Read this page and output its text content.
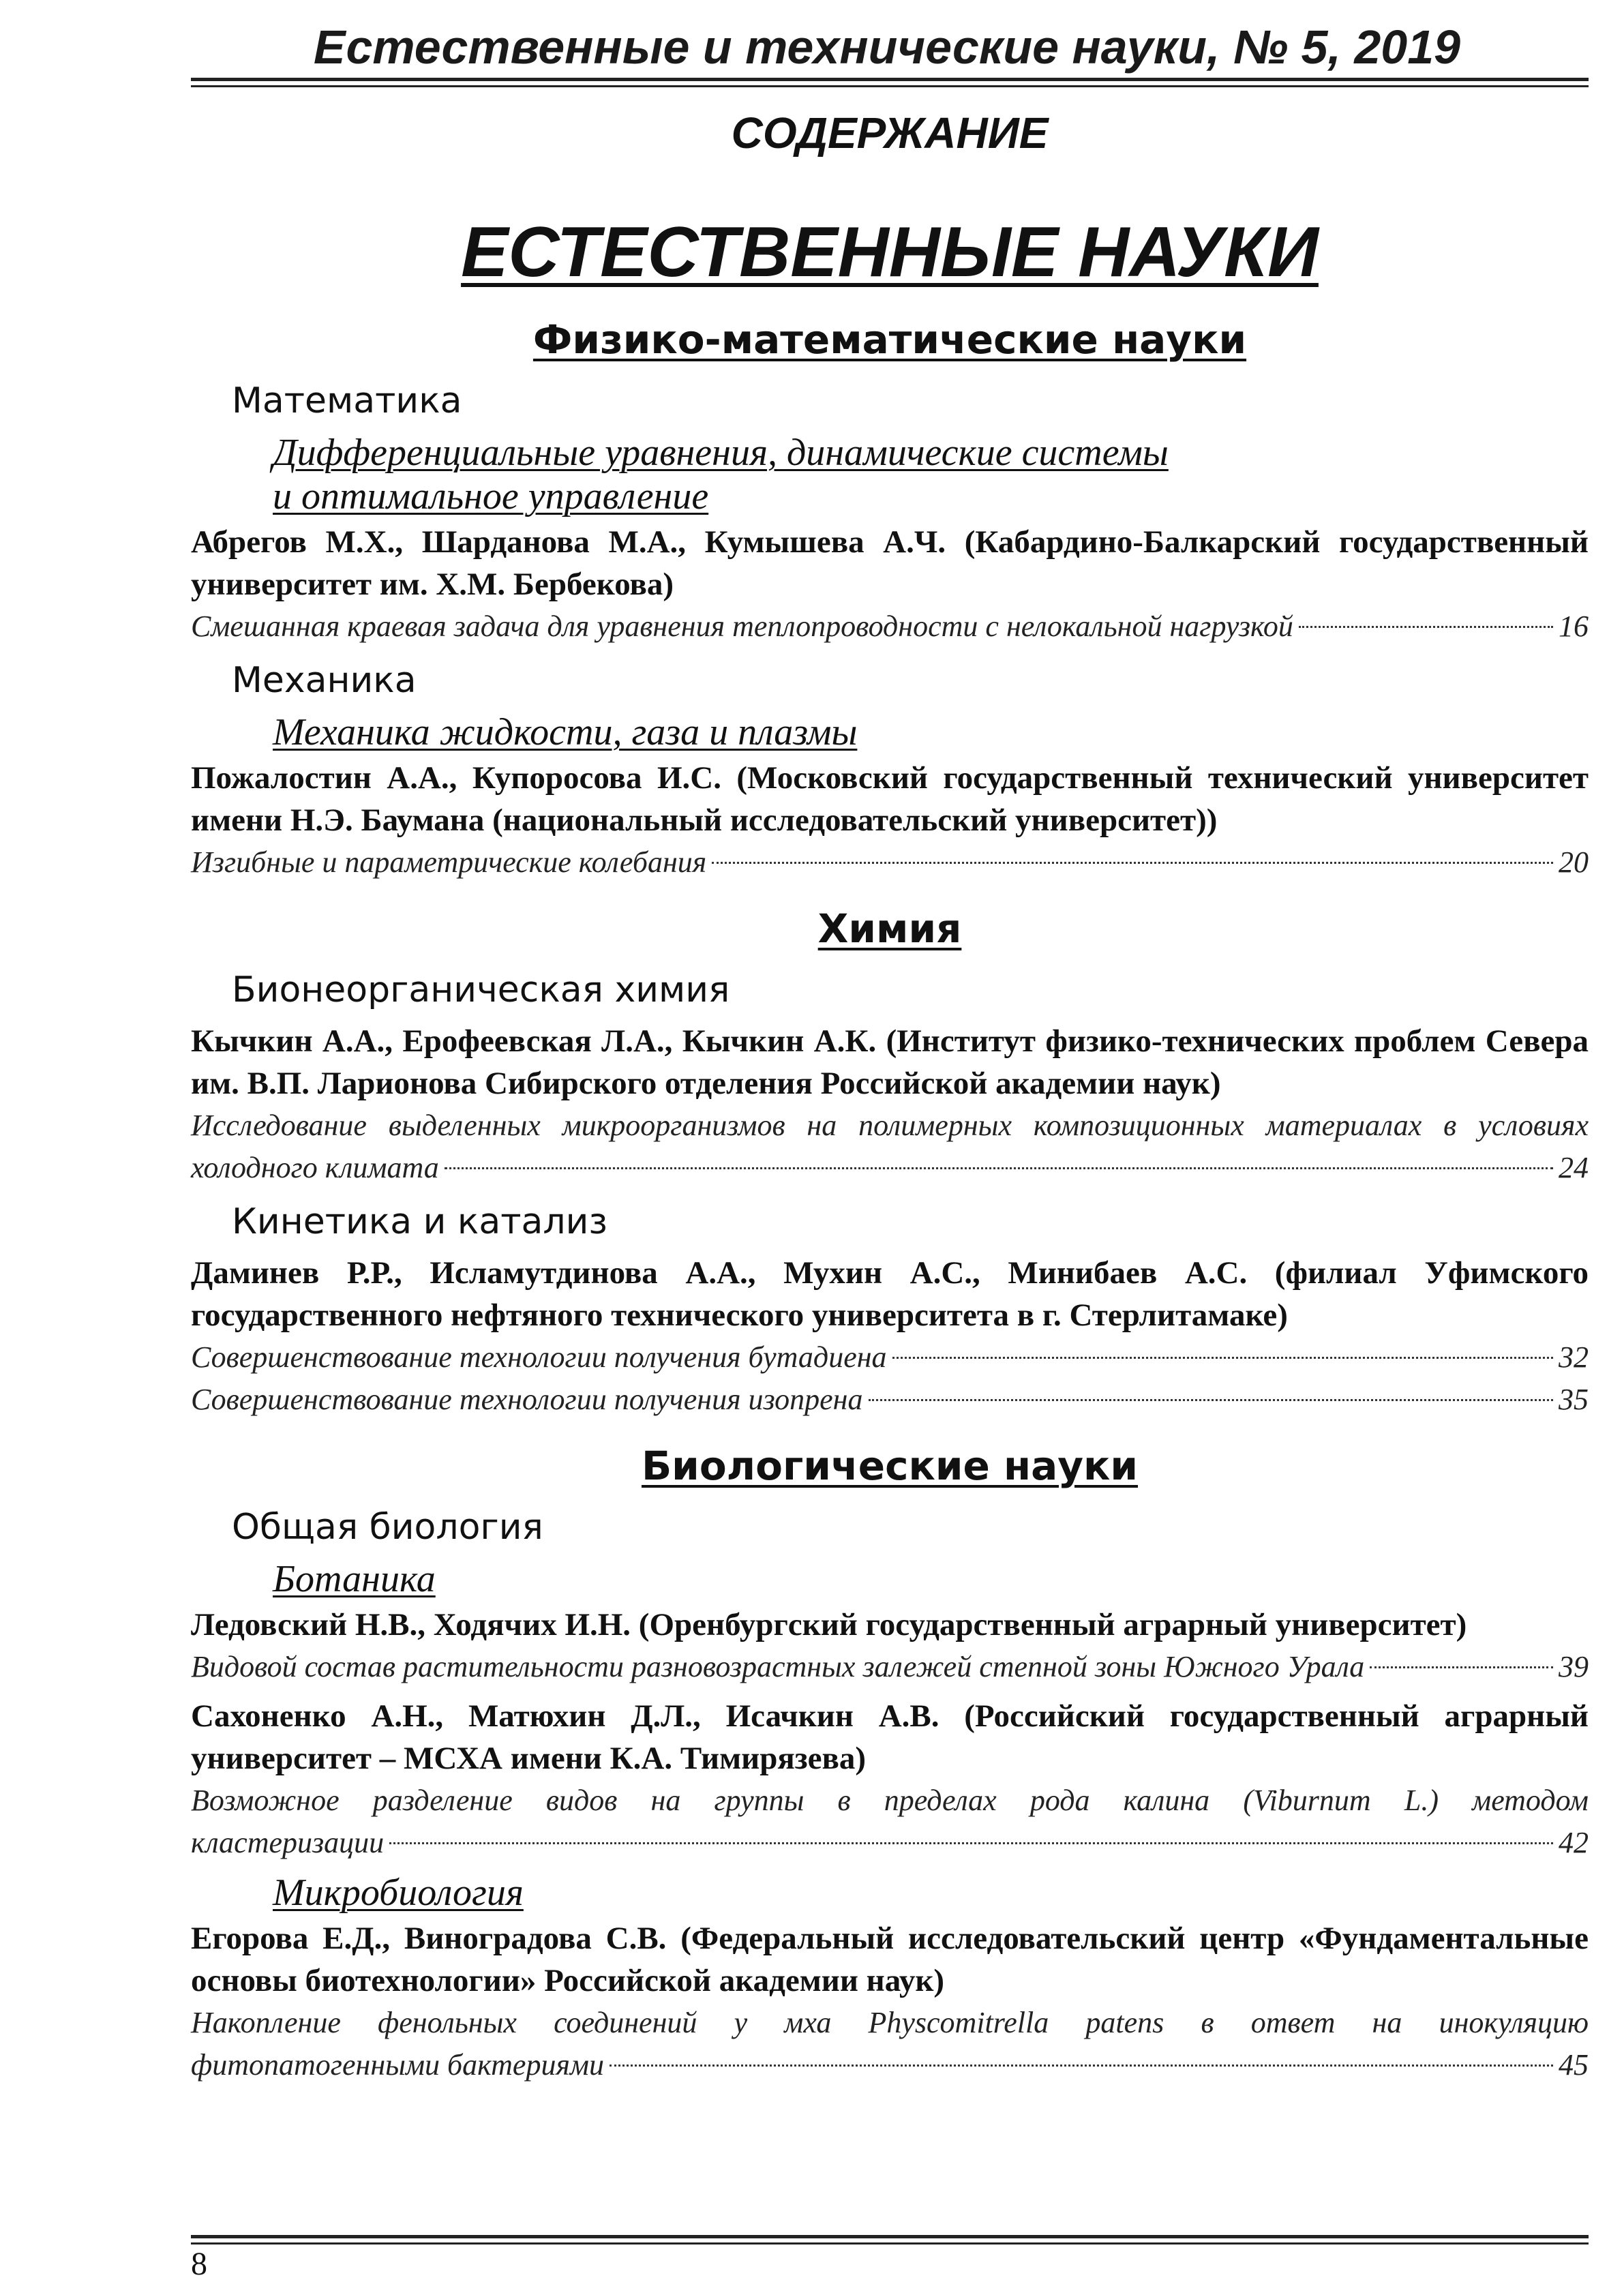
Естественные и технические науки, № 5, 2019
СОДЕРЖАНИЕ
ЕСТЕСТВЕННЫЕ НАУКИ
Физико-математические науки
Математика
Дифференциальные уравнения, динамические системы
и оптимальное управление

Абрегов М.Х., Шарданова М.А., Кумышева А.Ч. (Кабардино-Балкарский государственный университет им. Х.М. Бербекова)

Смешанная краевая задача для уравнения теплопроводности с нелокальной нагрузкой	16
Механика
Механика жидкости, газа и плазмы

Пожалостин А.А., Купоросова И.С. (Московский государственный технический университет имени Н.Э. Баумана (национальный исследовательский университет))

Изгибные и параметрические колебания	20
Химия
Бионеорганическая химия

Кычкин А.А., Ерофеевская Л.А., Кычкин А.К. (Институт физико-технических проблем Севера им. В.П. Ларионова Сибирского отделения Российской академии наук)

Исследование выделенных микроорганизмов на полимерных композиционных материалах в условиях

холодного климата	24
Кинетика и катализ

Даминев Р.Р., Исламутдинова А.А., Мухин А.С., Минибаев А.С. (филиал Уфимского государственного нефтяного технического университета в г. Стерлитамаке)

Совершенствование технологии получения бутадиена	32
Совершенствование технологии получения изопрена	35
Биологические науки
Общая биология
Ботаника

Ледовский Н.В., Ходячих И.Н. (Оренбургский государственный аграрный университет)

Видовой состав растительности разновозрастных залежей степной зоны Южного Урала	39

Сахоненко А.Н., Матюхин Д.Л., Исачкин А.В. (Российский государственный аграрный университет – МСХА имени К.А. Тимирязева)

Возможное разделение видов на группы в пределах рода калина (Viburnum L.) методом

кластеризации	42
Микробиология

Егорова Е.Д., Виноградова С.В. (Федеральный исследовательский центр «Фундаментальные основы биотехнологии» Российской академии наук)

Накопление фенольных соединений у мха Physcomitrella patens в ответ на инокуляцию

фитопатогенными бактериями	45
8
